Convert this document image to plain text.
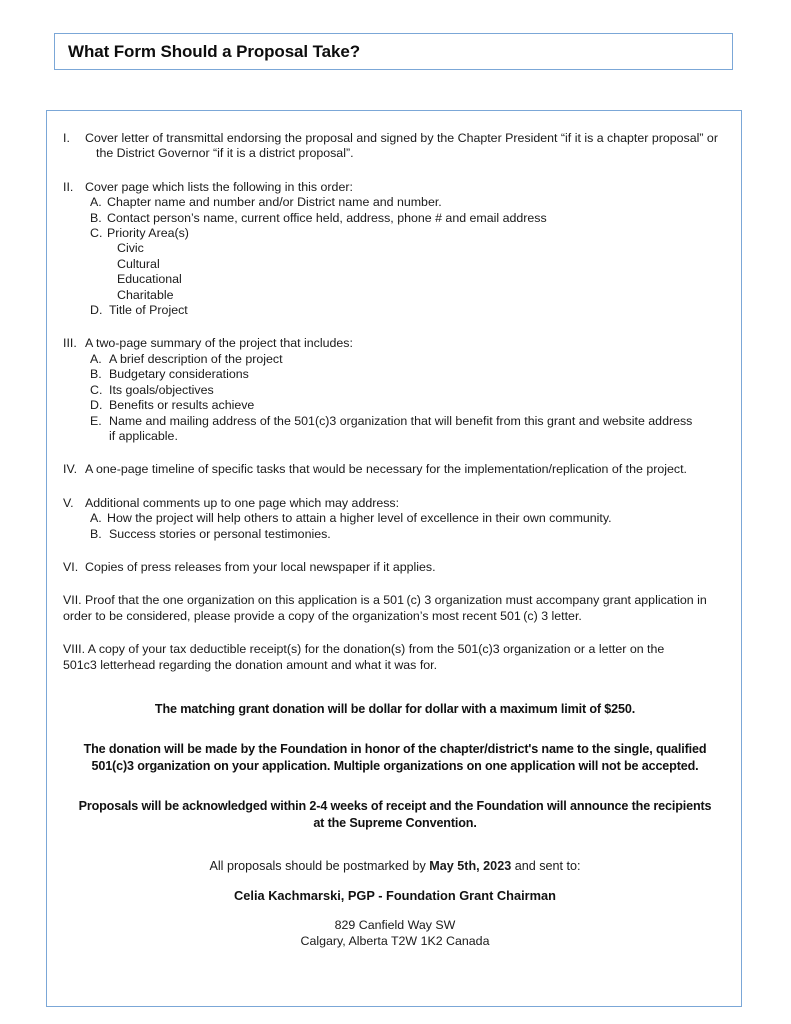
What Form Should a Proposal Take?
I.	Cover letter of transmittal endorsing the proposal and signed by the Chapter President “if it is a chapter proposal” or
the District Governor “if it is a district proposal”.
II. Cover page which lists the following in this order:
A. Chapter name and number and/or District name and number.
B. Contact person’s name, current office held, address, phone # and email address
C. Priority Area(s)
Civic
Cultural
Educational
Charitable
D. Title of Project
III. A two-page summary of the project that includes:
A. A brief description of the project
B. Budgetary considerations
C. Its goals/objectives
D. Benefits or results achieve
E. Name and mailing address of the 501(c)3 organization that will benefit from this grant and website address
if applicable.
IV. A one-page timeline of specific tasks that would be necessary for the implementation/replication of the project.
V. Additional comments up to one page which may address:
A. How the project will help others to attain a higher level of excellence in their own community.
B. Success stories or personal testimonies.
VI. Copies of press releases from your local newspaper if it applies.
VII. Proof that the one organization on this application is a 501 (c) 3 organization must accompany grant application in
order to be considered, please provide a copy of the organization’s most recent 501 (c) 3 letter.
VIII. A copy of your tax deductible receipt(s) for the donation(s) from the 501(c)3 organization or a letter on the
501c3 letterhead regarding the donation amount and what it was for.
The matching grant donation will be dollar for dollar with a maximum limit of $250.
The donation will be made by the Foundation in honor of the chapter/district's name to the single, qualified
501(c)3 organization on your application. Multiple organizations on one application will not be accepted.
Proposals will be acknowledged within 2-4 weeks of receipt and the Foundation will announce the recipients
at the Supreme Convention.
All proposals should be postmarked by May 5th, 2023 and sent to:
Celia Kachmarski, PGP - Foundation Grant Chairman
829 Canfield Way SW
Calgary, Alberta T2W 1K2 Canada
